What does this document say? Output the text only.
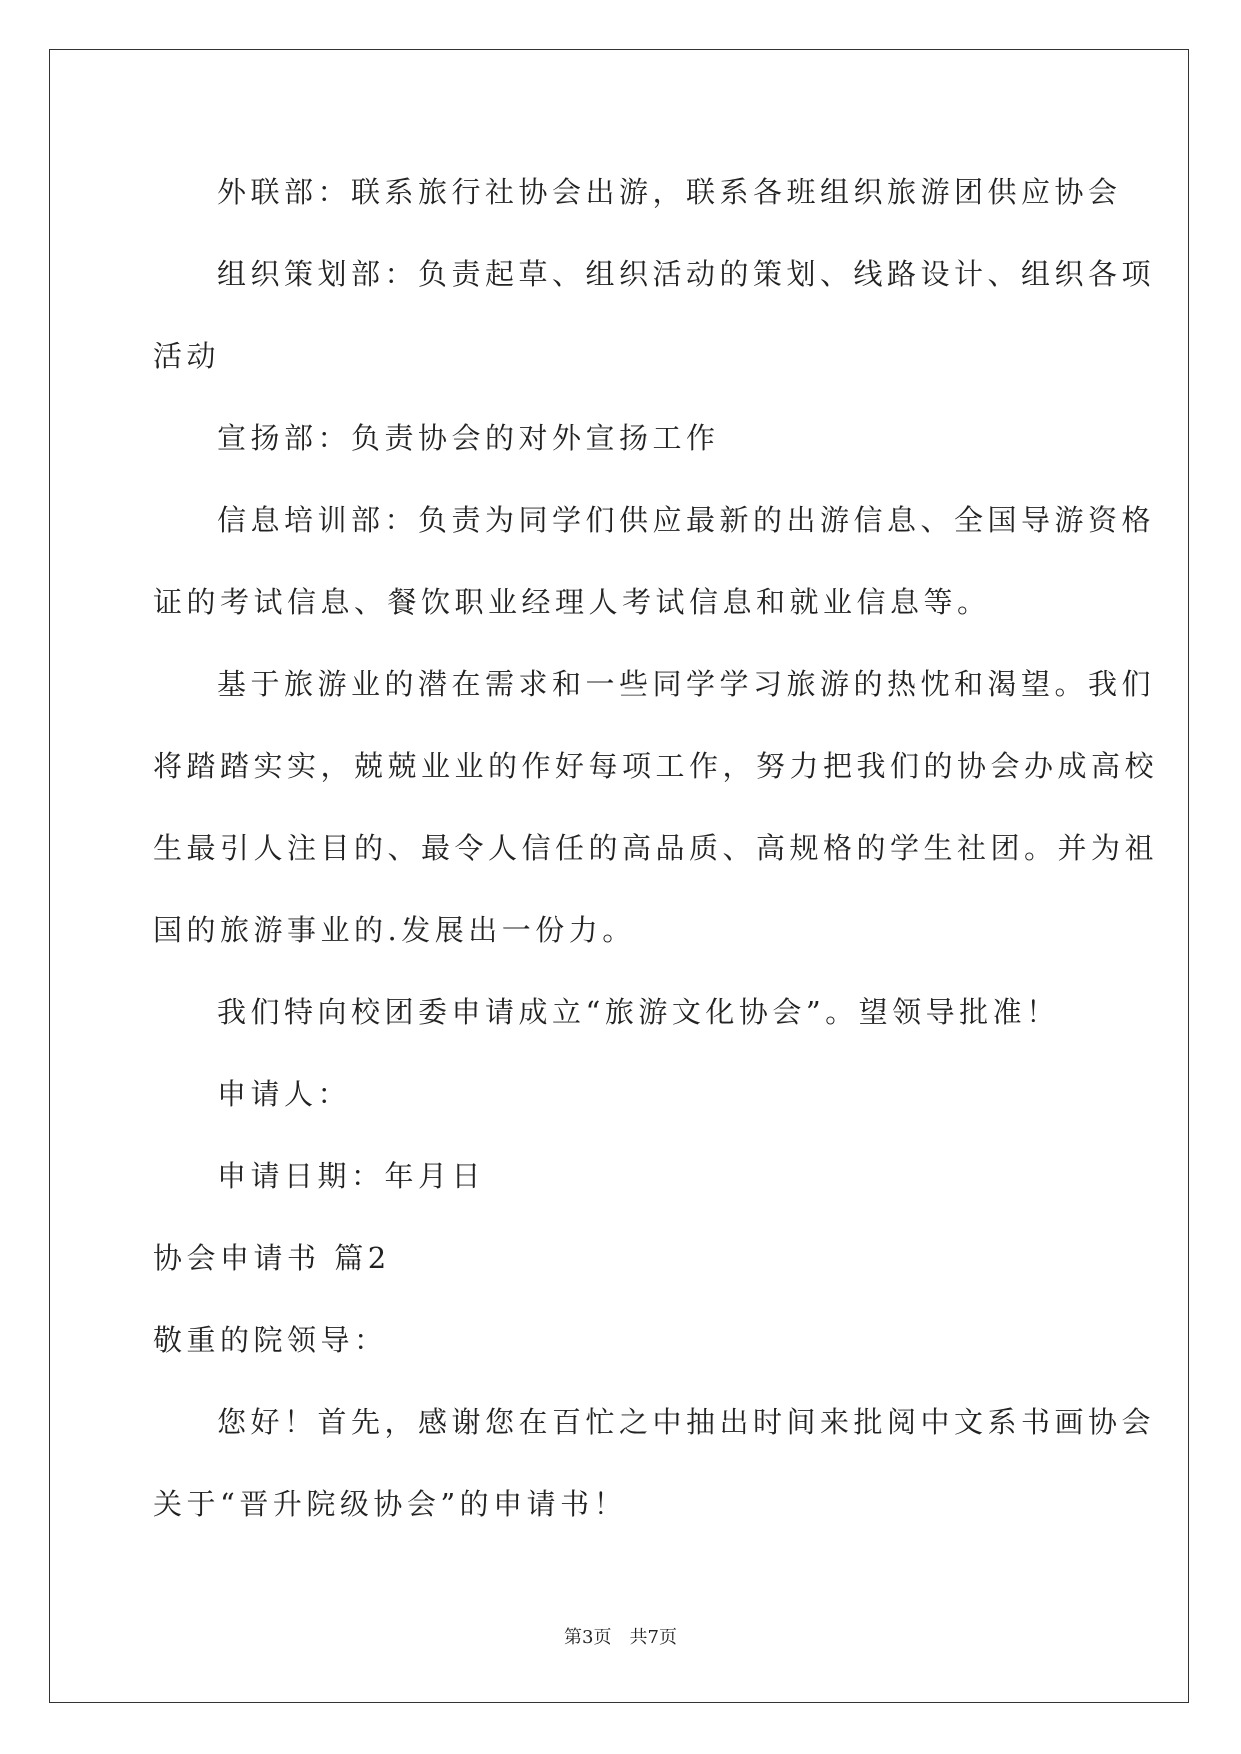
外联部：联系旅行社协会出游，联系各班组织旅游团供应协会
组织策划部：负责起草、组织活动的策划、线路设计、组织各项
活动
宣扬部：负责协会的对外宣扬工作
信息培训部：负责为同学们供应最新的出游信息、全国导游资格
证的考试信息、餐饮职业经理人考试信息和就业信息等。
基于旅游业的潜在需求和一些同学学习旅游的热忱和渴望。我们
将踏踏实实，兢兢业业的作好每项工作，努力把我们的协会办成高校
生最引人注目的、最令人信任的高品质、高规格的学生社团。并为祖
国的旅游事业的.发展出一份力。
我们特向校团委申请成立“旅游文化协会”。望领导批准！
申请人：
申请日期：年月日
协会申请书 篇2
敬重的院领导：
您好！首先，感谢您在百忙之中抽出时间来批阅中文系书画协会
关于“晋升院级协会”的申请书！
第3页 共7页
